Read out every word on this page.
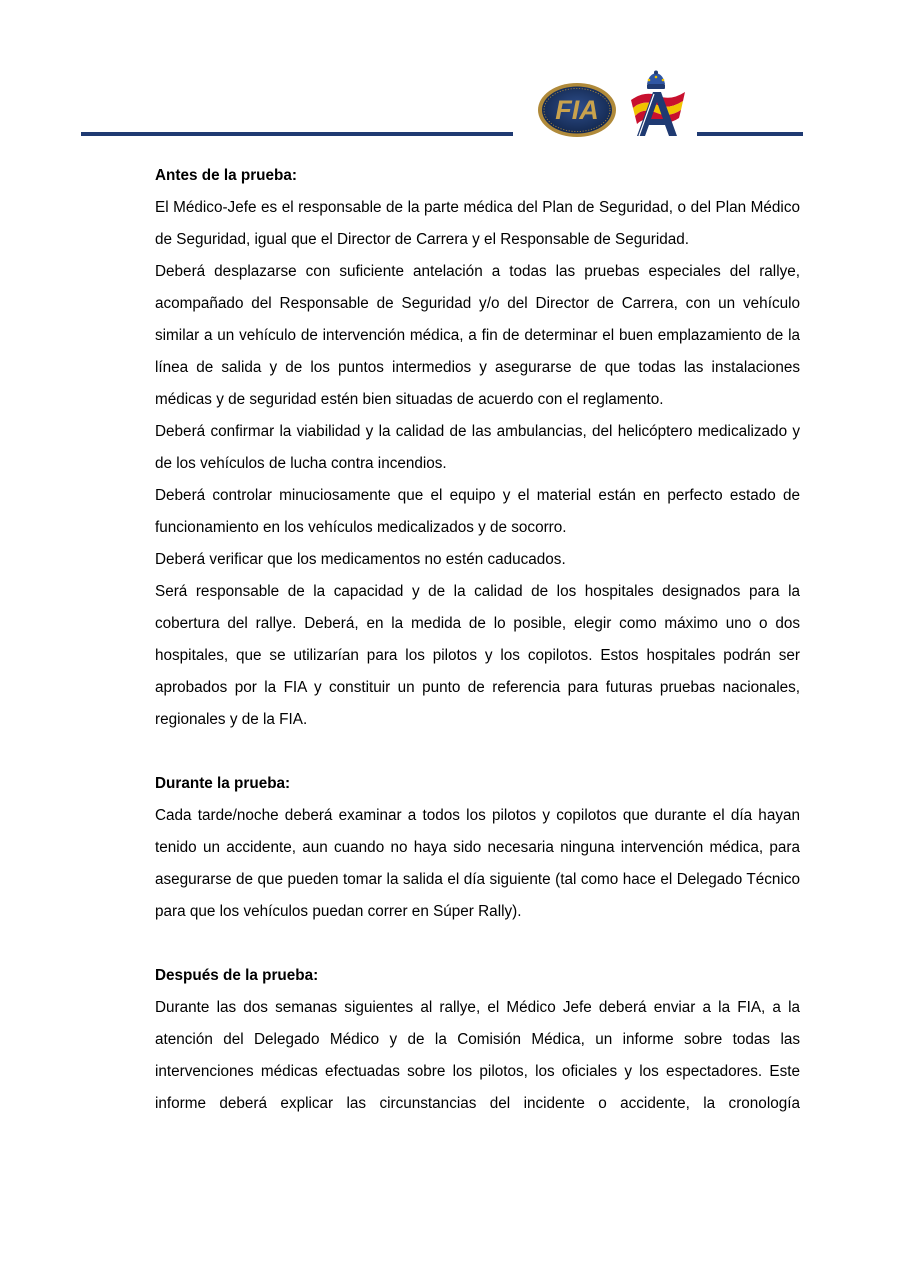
FIA

Antes de la prueba:

El Médico-Jefe es el responsable de la parte médica del Plan de Seguridad, o del Plan Médico de Seguridad, igual que el Director de Carrera y el Responsable de Seguridad.

Deberá desplazarse con suficiente antelación a todas las pruebas especiales del rallye, acompañado del Responsable de Seguridad y/o del Director de Carrera, con un vehículo similar a un vehículo de intervención médica, a fin de determinar el buen emplazamiento de la línea de salida y de los puntos intermedios y asegurarse de que todas las instalaciones médicas y de seguridad estén bien situadas de acuerdo con el reglamento.

Deberá confirmar la viabilidad y la calidad de las ambulancias, del helicóptero medicalizado y de los vehículos de lucha contra incendios.

Deberá controlar minuciosamente que el equipo y el material están en perfecto estado de funcionamiento en los vehículos medicalizados y de socorro.

Deberá verificar que los medicamentos no estén caducados.

Será responsable de la capacidad y de la calidad de los hospitales designados para la cobertura del rallye. Deberá, en la medida de lo posible, elegir como máximo uno o dos hospitales, que se utilizarían para los pilotos y los copilotos. Estos hospitales podrán ser aprobados por la FIA y constituir un punto de referencia para futuras pruebas nacionales, regionales y de la FIA.

Durante la prueba:

Cada tarde/noche deberá examinar a todos los pilotos y copilotos que durante el día hayan tenido un accidente, aun cuando no haya sido necesaria ninguna intervención médica, para asegurarse de que pueden tomar la salida el día siguiente (tal como hace el Delegado Técnico para que los vehículos puedan correr en Súper Rally).

Después de la prueba:

Durante las dos semanas siguientes al rallye, el Médico Jefe deberá enviar a la FIA, a la atención del Delegado Médico y de la Comisión Médica, un informe sobre todas las intervenciones médicas efectuadas sobre los pilotos, los oficiales y los espectadores. Este informe deberá explicar las circunstancias del incidente o accidente, la cronología
